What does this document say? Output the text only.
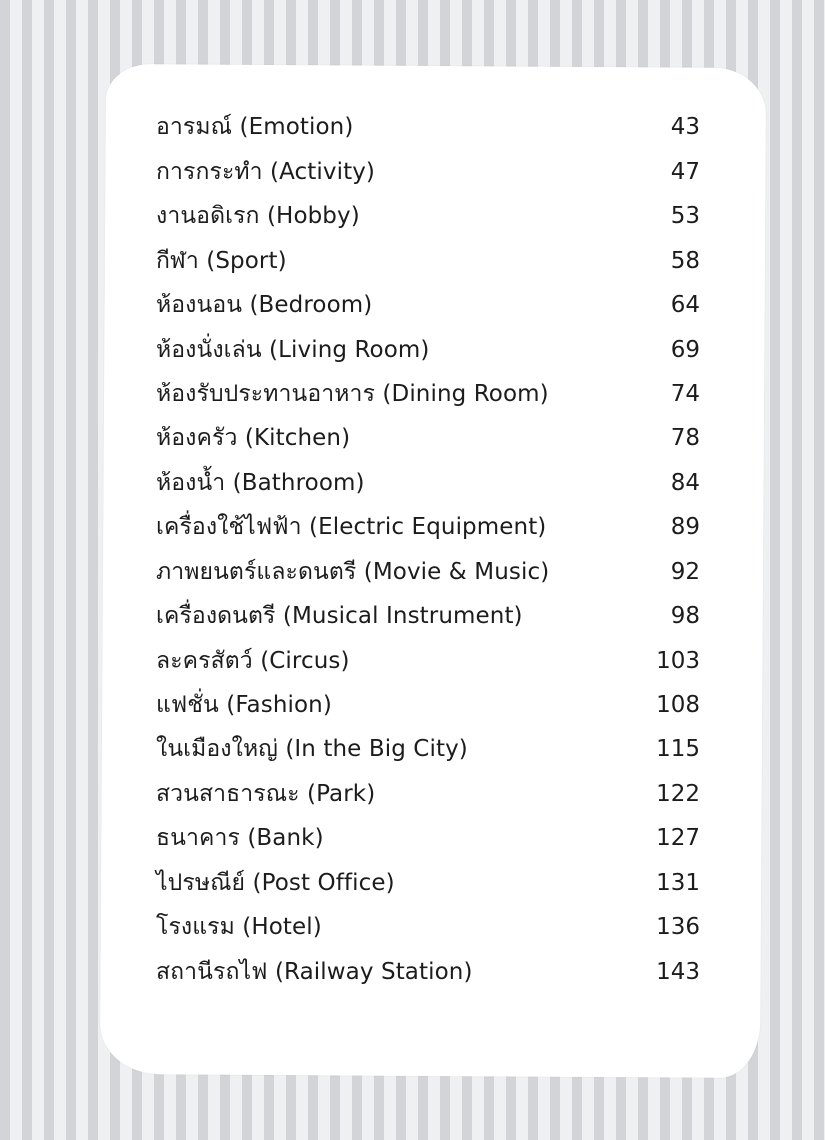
อารมณ์ (Emotion)	43
การกระทำ (Activity)	47
งานอดิเรก (Hobby)	53
กีฬา (Sport)	58
ห้องนอน (Bedroom)	64
ห้องนั่งเล่น (Living Room)	69
ห้องรับประทานอาหาร (Dining Room)	74
ห้องครัว (Kitchen)	78
ห้องน้ำ (Bathroom)	84
เครื่องใช้ไฟฟ้า (Electric Equipment)	89
ภาพยนตร์และดนตรี (Movie & Music)	92
เครื่องดนตรี (Musical Instrument)	98
ละครสัตว์ (Circus)	103
แฟชั่น (Fashion)	108
ในเมืองใหญ่ (In the Big City)	115
สวนสาธารณะ (Park)	122
ธนาคาร (Bank)	127
ไปรษณีย์ (Post Office)	131
โรงแรม (Hotel)	136
สถานีรถไฟ (Railway Station)	143
